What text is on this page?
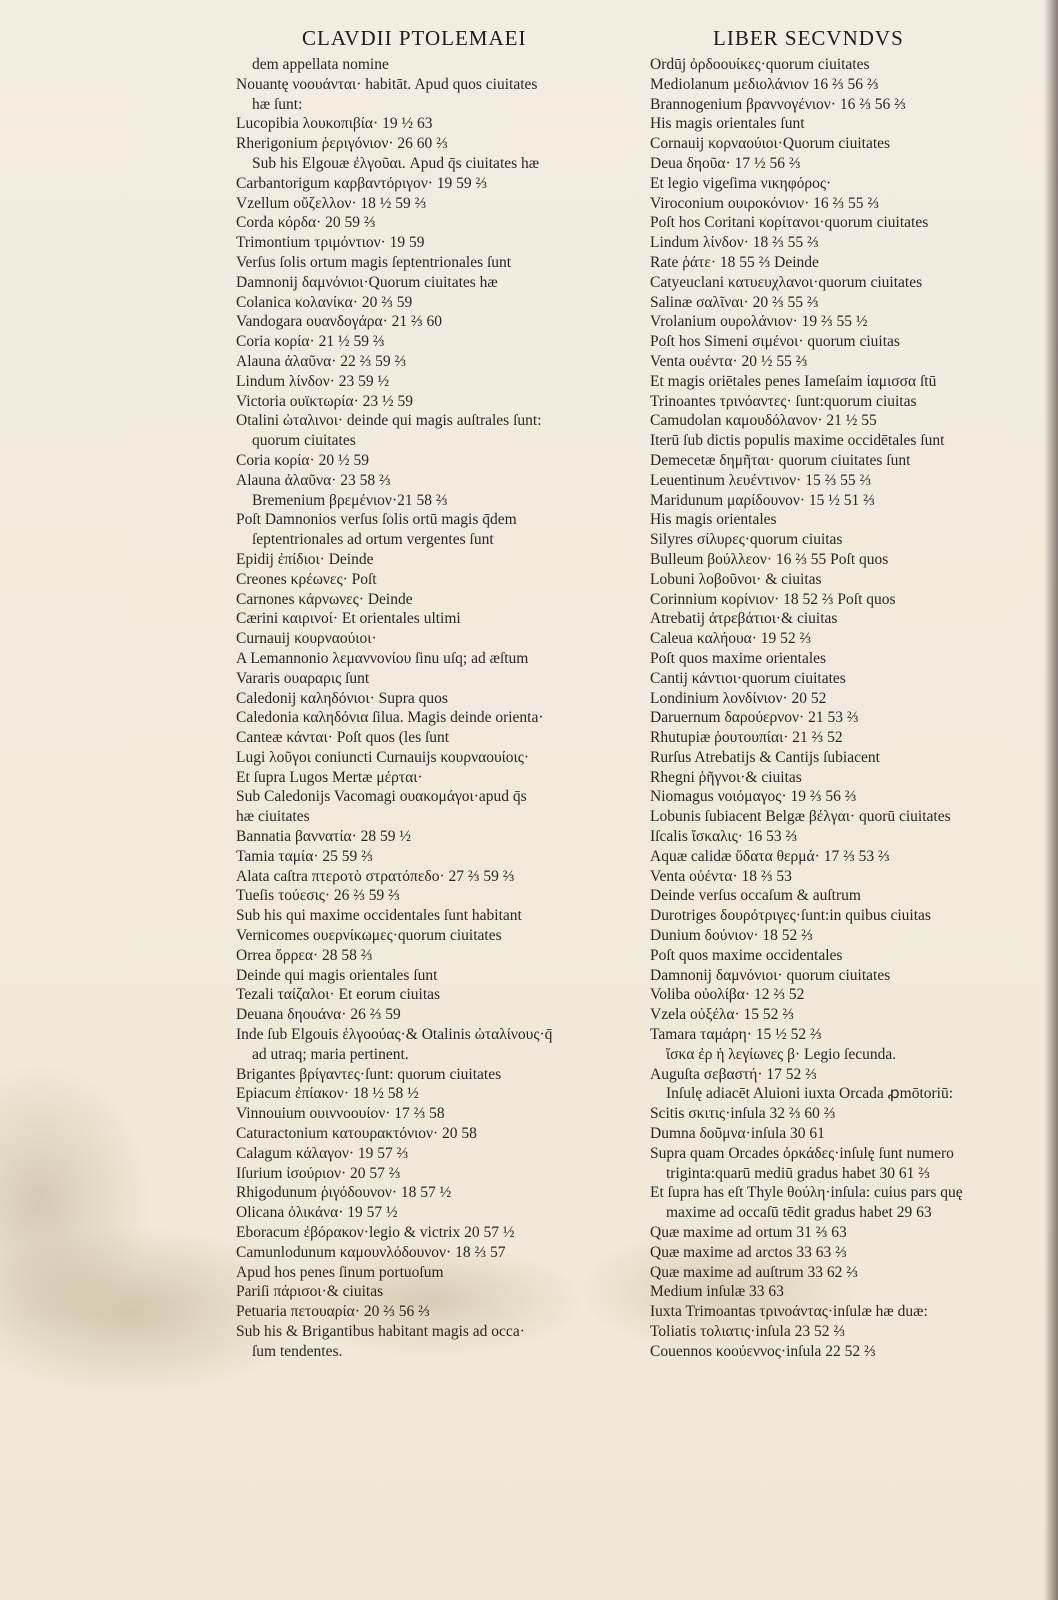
CLAVDII PTOLEMAEI	LIBER SECVNDVS
dem appellata nomine
Nouantę νοουάνται· habitāt. Apud quos ciuitates
hæ ſunt:
Lucopibia λουκοπιβία· 19 ½ 63
Rherigonium ῥεριγόνιον· 26 60 ⅔
Sub his Elgouæ ἐλγοῦαι. Apud q̄s ciuitates hæ
Carbantorigum καρβαντόριγον· 19 59 ⅔
Vzellum οὔζελλον· 18 ½ 59 ⅔
Corda κόρδα· 20 59 ⅔
Trimontium τριμόντιον· 19 59
Verſus ſolis ortum magis ſeptentrionales ſunt
Damnonij δαμνόνιοι·Quorum ciuitates hæ
Colanica κολανίκα· 20 ⅔ 59
Vandogara ουανδογάρα· 21 ⅔ 60
Coria κορία· 21 ½ 59 ⅔
Alauna ἀλαῦνα· 22 ⅔ 59 ⅔
Lindum λίνδον· 23 59 ½
Victoria ουϊκτωρία· 23 ½ 59
Otalini ὠταλινοι· deinde qui magis auſtrales ſunt:
quorum ciuitates
Coria κορία· 20 ½ 59
Alauna ἀλαῦνα· 23 58 ⅔
Bremenium βρεμένιον·21 58 ⅔
Poſt Damnonios verſus ſolis ortū magis q̄dem
ſeptentrionales ad ortum vergentes ſunt
Epidij ἐπίδιοι· Deinde
Creones κρέωνες· Poſt
Carnones κάρνωνες· Deinde
Cærini καιρινοί· Et orientales ultimi
Curnauij κουρναούιοι·
A Lemannonio λεμαννονίου ſinu uſq; ad æſtum
Vararis ουαραρις ſunt
Caledonij καληδόνιοι· Supra quos
Caledonia καληδόνια ſilua. Magis deinde orienta·
Canteæ κάνται· Poſt quos (les ſunt
Lugi λοῦγοι coniuncti Curnauijs κουρναουίοις·
Et ſupra Lugos Mertæ μέρται·
Sub Caledonijs Vacomagi ουακομάγοι·apud q̄s
hæ ciuitates
Bannatia βαννατία· 28 59 ½
Tamia ταμία· 25 59 ⅔
Alata caſtra πτεροτὸ στρατόπεδο· 27 ⅔ 59 ⅔
Tueſis τούεσις· 26 ⅔ 59 ⅔
Sub his qui maxime occidentales ſunt habitant
Vernicomes ουερνίκωμες·quorum ciuitates
Orrea ὄρρεα· 28 58 ⅔
Deinde qui magis orientales ſunt
Tezali ταίζαλοι· Et eorum ciuitas
Deuana δηουάνα· 26 ⅔ 59
Inde ſub Elgouis ἐλγοούας·& Otalinis ὠταλίνους·q̄
ad utraq; maria pertinent.
Brigantes βρίγαντες·ſunt: quorum ciuitates
Epiacum ἐπίακον· 18 ½ 58 ½
Vinnouium ουιννοουίον· 17 ⅔ 58
Caturactonium κατουρακτόνιον· 20 58
Calagum κάλαγον· 19 57 ⅔
Iſurium ἰσούριον· 20 57 ⅔
Rhigodunum ῥιγόδουνον· 18 57 ½
Olicana ὀλικάνα· 19 57 ½
Eboracum ἐβόρακον·legio & victrix 20 57 ½
Camunlodunum καμουνλόδουνον· 18 ⅔ 57
Apud hos penes ſinum portuoſum
Pariſi πάρισοι·& ciuitas
Petuaria πετουαρία· 20 ⅔ 56 ⅔
Sub his & Brigantibus habitant magis ad occa·
ſum tendentes.
Ordūj ὀρδοουίκες·quorum ciuitates
Mediolanum μεδιολάνιον 16 ⅔ 56 ⅔
Brannogenium βραννογένιον· 16 ⅔ 56 ⅔
His magis orientales ſunt
Cornauij κορναούιοι·Quorum ciuitates
Deua δηοῦα· 17 ½ 56 ⅔
Et legio vigeſima νικηφόρος·
Viroconium ουιροκόνιον· 16 ⅔ 55 ⅔
Poſt hos Coritani κορίτανοι·quorum ciuitates
Lindum λίνδον· 18 ⅔ 55 ⅔
Rate ῥάτε· 18 55 ⅔ Deinde
Catyeuclani κατυευχλανοι·quorum ciuitates
Salinæ σαλῖναι· 20 ⅔ 55 ⅔
Vrolanium ουρολάνιον· 19 ⅔ 55 ½
Poſt hos Simeni σιμένοι· quorum ciuitas
Venta ουέντα· 20 ½ 55 ⅔
Et magis oriētales penes Iameſaim ἰαμισσα ſtū
Trinoantes τρινόαντες· ſunt:quorum ciuitas
Camudolan καμουδόλανον· 21 ½ 55
Iterū ſub dictis populis maxime occidētales ſunt
Demecetæ δημῆται· quorum ciuitates ſunt
Leuentinum λευέντινον· 15 ⅔ 55 ⅔
Maridunum μαρίδουνον· 15 ½ 51 ⅔
His magis orientales
Silyres σίλυρες·quorum ciuitas
Bulleum βούλλεον· 16 ⅔ 55 Poſt quos
Lobuni λοβοῦνοι· & ciuitas
Corinnium κορίνιον· 18 52 ⅔ Poſt quos
Atrebatij ἀτρεβάτιοι·& ciuitas
Caleua καλήουα· 19 52 ⅔
Poſt quos maxime orientales
Cantij κάντιοι·quorum ciuitates
Londinium λονδίνιον· 20 52
Daruernum δαρούερνον· 21 53 ⅔
Rhutupiæ ῥουτουπίαι· 21 ⅔ 52
Rurſus Atrebatijs & Cantijs ſubiacent
Rhegni ῥῆγνοι·& ciuitas
Niomagus νοιόμαγος· 19 ⅔ 56 ⅔
Lobunis ſubiacent Belgæ βέλγαι· quorū ciuitates
Iſcalis ἴσκαλις· 16 53 ⅔
Aquæ calidæ ὕδατα θερμά· 17 ⅔ 53 ⅔
Venta οὐέντα· 18 ⅔ 53
Deinde verſus occaſum & auſtrum
Durotriges δουρότριγες·ſunt:in quibus ciuitas
Dunium δούνιον· 18 52 ⅔
Poſt quos maxime occidentales
Damnonij δαμνόνιοι· quorum ciuitates
Voliba οὐολίβα· 12 ⅔ 52
Vzela οὐξέλα· 15 52 ⅔
Tamara ταμάρη· 15 ½ 52 ⅔
ἴσκα ἐρ ἡ λεγίωνες β· Legio ſecunda.
Auguſta σεβαστή· 17 52 ⅔
Inſulę adiacēt Aluioni iuxta Orcada ꝓmōtoriū:
Scitis σκιτις·inſula 32 ⅔ 60 ⅔
Dumna δοῦμνα·inſula 30 61
Supra quam Orcades ὀρκάδες·inſulę ſunt numero
triginta:quarū mediū gradus habet 30 61 ⅔
Et ſupra has eſt Thyle θούλη·inſula: cuius pars quę
maxime ad occaſū tēdit gradus habet 29 63
Quæ maxime ad ortum 31 ⅔ 63
Quæ maxime ad arctos 33 63 ⅔
Quæ maxime ad auſtrum 33 62 ⅔
Medium inſulæ 33 63
Iuxta Trimoantas τρινοάντας·inſulæ hæ duæ:
Toliatis τολιατις·inſula 23 52 ⅔
Couennos κοούεννος·inſula 22 52 ⅔
